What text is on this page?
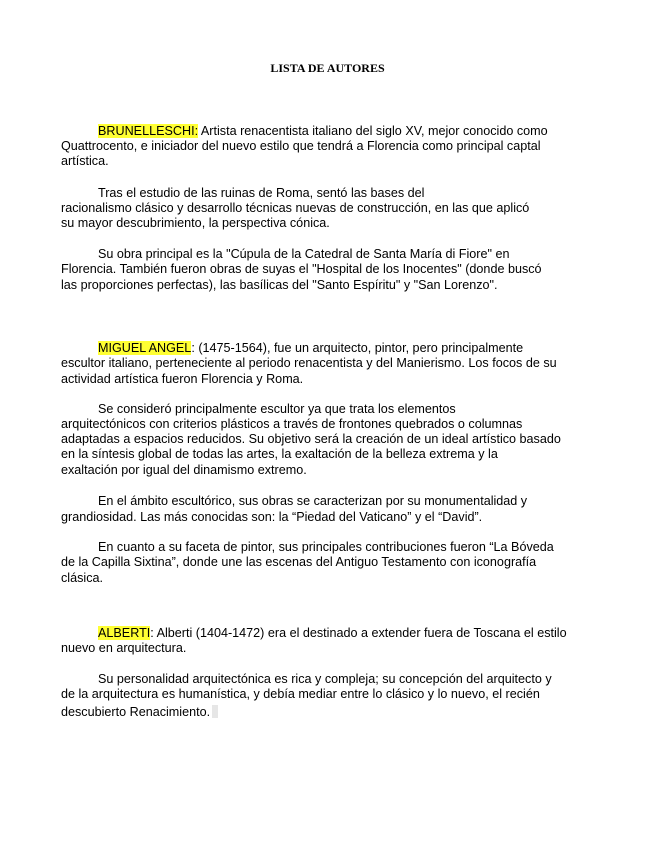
LISTA DE AUTORES
BRUNELLESCHI: Artista renacentista italiano del siglo XV, mejor conocido como
Quattrocento, e iniciador del nuevo estilo que tendrá a Florencia como principal captal
artística.
Tras el estudio de las ruinas de Roma, sentó las bases del
racionalismo clásico y desarrollo técnicas nuevas de construcción, en las que aplicó
su mayor descubrimiento, la perspectiva cónica.
Su obra principal es la "Cúpula de la Catedral de Santa María di Fiore" en
Florencia. También fueron obras de suyas el "Hospital de los Inocentes" (donde buscó
las proporciones perfectas), las basílicas del "Santo Espíritu" y "San Lorenzo".
MIGUEL ANGEL: (1475-1564), fue un arquitecto, pintor, pero principalmente
escultor italiano, perteneciente al periodo renacentista y del Manierismo. Los focos de su
actividad artística fueron Florencia y Roma.
Se consideró principalmente escultor ya que trata los elementos
arquitectónicos con criterios plásticos a través de frontones quebrados o columnas
adaptadas a espacios reducidos. Su objetivo será la creación de un ideal artístico basado
en la síntesis global de todas las artes, la exaltación de la belleza extrema y la
exaltación por igual del dinamismo extremo.
En el ámbito escultórico, sus obras se caracterizan por su monumentalidad y
grandiosidad. Las más conocidas son: la “Piedad del Vaticano” y el “David”.
En cuanto a su faceta de pintor, sus principales contribuciones fueron “La Bóveda
de la Capilla Sixtina”, donde une las escenas del Antiguo Testamento con iconografía
clásica.
ALBERTI: Alberti (1404-1472) era el destinado a extender fuera de Toscana el estilo
nuevo en arquitectura.
Su personalidad arquitectónica es rica y compleja; su concepción del arquitecto y
de la arquitectura es humanística, y debía mediar entre lo clásico y lo nuevo, el recién
descubierto Renacimiento.
